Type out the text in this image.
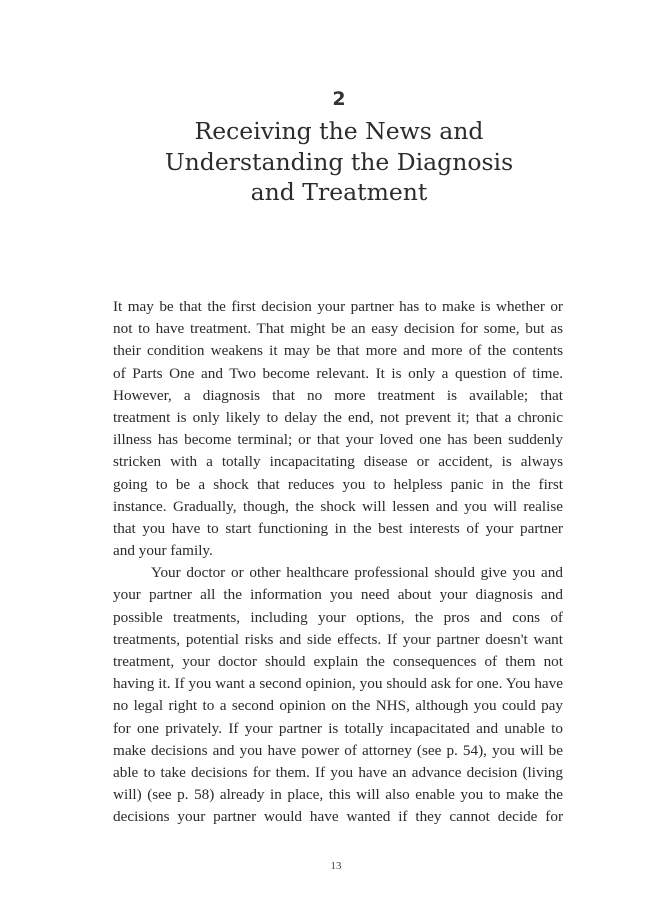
2
Receiving the News and
Understanding the Diagnosis
and Treatment
It may be that the first decision your partner has to make is whether or
not to have treatment. That might be an easy decision for some, but as
their condition weakens it may be that more and more of the contents
of Parts One and Two become relevant. It is only a question of time.
However, a diagnosis that no more treatment is available; that
treatment is only likely to delay the end, not prevent it; that a chronic
illness has become terminal; or that your loved one has been suddenly
stricken with a totally incapacitating disease or accident, is always
going to be a shock that reduces you to helpless panic in the first
instance. Gradually, though, the shock will lessen and you will realise
that you have to start functioning in the best interests of your partner
and your family.
Your doctor or other healthcare professional should give you and
your partner all the information you need about your diagnosis and
possible treatments, including your options, the pros and cons of
treatments, potential risks and side effects. If your partner doesn't want
treatment, your doctor should explain the consequences of them not
having it. If you want a second opinion, you should ask for one. You have
no legal right to a second opinion on the NHS, although you could pay
for one privately. If your partner is totally incapacitated and unable to
make decisions and you have power of attorney (see p. 54), you will be
able to take decisions for them. If you have an advance decision (living
will) (see p. 58) already in place, this will also enable you to make the
decisions your partner would have wanted if they cannot decide for
13
